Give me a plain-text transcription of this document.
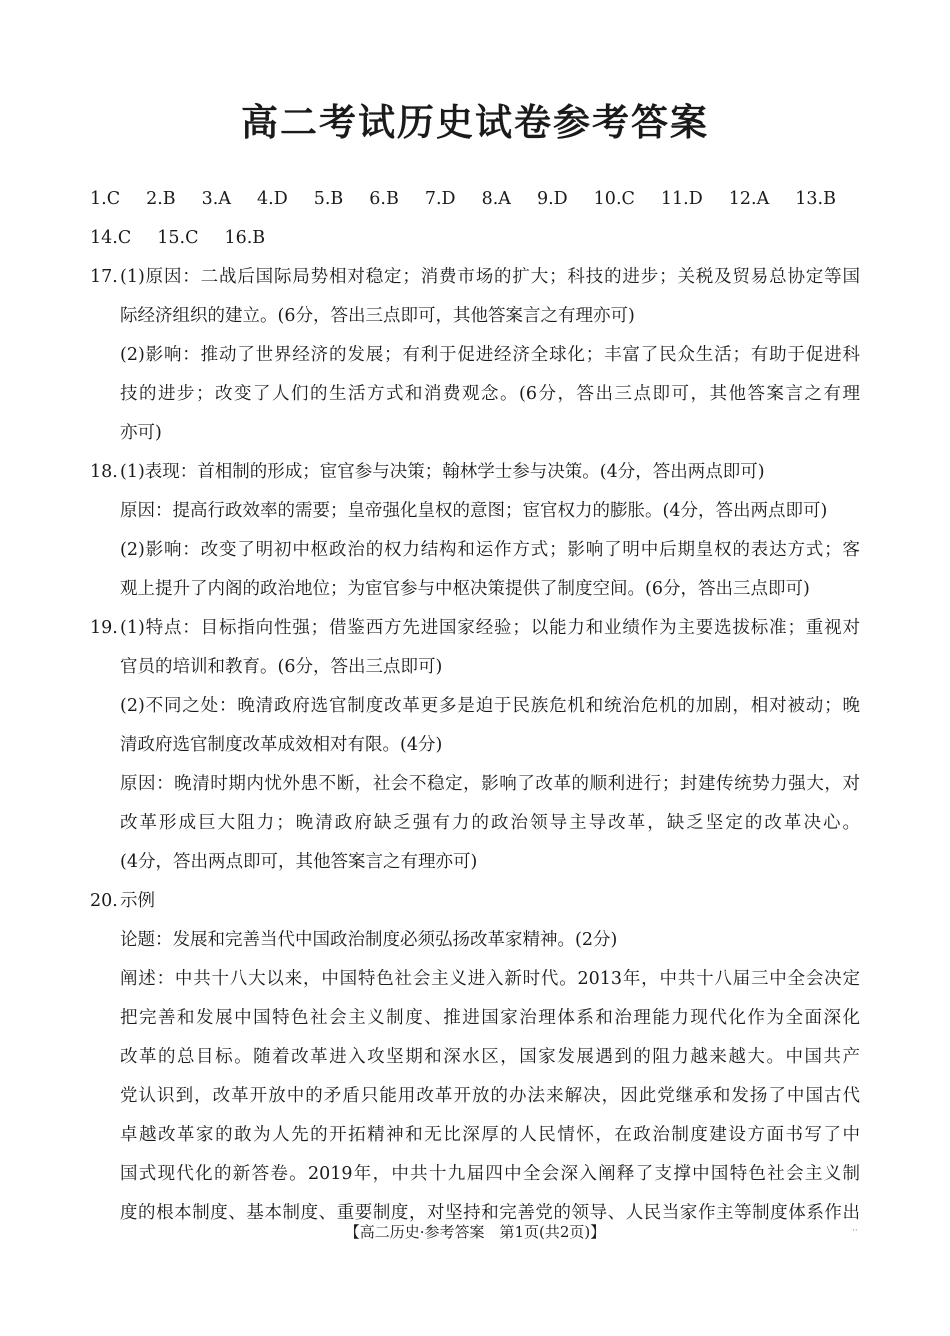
高二考试历史试卷参考答案
1.C 2.B 3.A 4.D 5.B 6.B 7.D 8.A 9.D 10.C 11.D 12.A 13.B
14.C 15.C 16.B
17. (1)原因：二战后国际局势相对稳定；消费市场的扩大；科技的进步；关税及贸易总协定等国
际经济组织的建立。(6分，答出三点即可，其他答案言之有理亦可)
(2)影响：推动了世界经济的发展；有利于促进经济全球化；丰富了民众生活；有助于促进科
技的进步；改变了人们的生活方式和消费观念。(6分，答出三点即可，其他答案言之有理
亦可)
18. (1)表现：首相制的形成；宦官参与决策；翰林学士参与决策。(4分，答出两点即可)
原因：提高行政效率的需要；皇帝强化皇权的意图；宦官权力的膨胀。(4分，答出两点即可)
(2)影响：改变了明初中枢政治的权力结构和运作方式；影响了明中后期皇权的表达方式；客
观上提升了内阁的政治地位；为宦官参与中枢决策提供了制度空间。(6分，答出三点即可)
19. (1)特点：目标指向性强；借鉴西方先进国家经验；以能力和业绩作为主要选拔标准；重视对
官员的培训和教育。(6分，答出三点即可)
(2)不同之处：晚清政府选官制度改革更多是迫于民族危机和统治危机的加剧，相对被动；晚
清政府选官制度改革成效相对有限。(4分)
原因：晚清时期内忧外患不断，社会不稳定，影响了改革的顺利进行；封建传统势力强大，对
改革形成巨大阻力；晚清政府缺乏强有力的政治领导主导改革，缺乏坚定的改革决心。
(4分，答出两点即可，其他答案言之有理亦可)
20. 示例
论题：发展和完善当代中国政治制度必须弘扬改革家精神。(2分)
阐述：中共十八大以来，中国特色社会主义进入新时代。2013年，中共十八届三中全会决定
把完善和发展中国特色社会主义制度、推进国家治理体系和治理能力现代化作为全面深化
改革的总目标。随着改革进入攻坚期和深水区，国家发展遇到的阻力越来越大。中国共产
党认识到，改革开放中的矛盾只能用改革开放的办法来解决，因此党继承和发扬了中国古代
卓越改革家的敢为人先的开拓精神和无比深厚的人民情怀，在政治制度建设方面书写了中
国式现代化的新答卷。2019年，中共十九届四中全会深入阐释了支撑中国特色社会主义制
度的根本制度、基本制度、重要制度，对坚持和完善党的领导、人民当家作主等制度体系作出
【高二历史·参考答案　第1页(共2页)】	··
